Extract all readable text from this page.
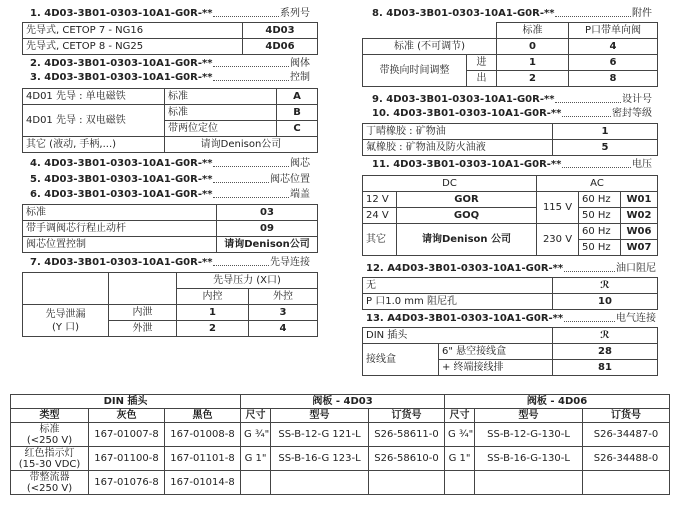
1. 4D03-3B01-0303-10A1-G0R-**	系列号
先导式, CETOP 7 - NG16	4D03
先导式, CETOP 8 - NG25	4D06
2. 4D03-3B01-0303-10A1-G0R-**	阀体
3. 4D03-3B01-0303-10A1-G0R-**	控制
4D01 先导 : 单电磁铁	标准	A
4D01 先导 : 双电磁铁	标准	B
	带两位定位	C
其它 (液动, 手柄,...)	请询Denison公司	
4. 4D03-3B01-0303-10A1-G0R-**	阀芯
5. 4D03-3B01-0303-10A1-G0R-**	阀芯位置
6. 4D03-3B01-0303-10A1-G0R-**	端盖
标准	03
带手调阀芯行程止动杆	09
阀芯位置控制	请询Denison公司
7. 4D03-3B01-0303-10A1-G0R-**	先导连接
		先导压力 (X口)	
		内控	外控
先导泄漏
(Y 口)	内泄	1	3
	外泄	2	4
8. 4D03-3B01-0303-10A1-G0R-**	附件
		标准	P口带单向阀
标准 (不可调节)		0	4
带换向时间调整	进	1	6
	出	2	8
9. 4D03-3B01-0303-10A1-G0R-**	设计号
10. 4D03-3B01-0303-10A1-G0R-**	密封等级
丁晴橡胶 : 矿物油	1
氟橡胶 : 矿物油及防火油液	5
11. 4D03-3B01-0303-10A1-G0R-**	电压
DC		AC		
12 V	GOR	115 V	60 Hz	W01
24 V	GOQ		50 Hz	W02
其它	请询Denison 公司	230 V	60 Hz	W06
			50 Hz	W07
12. A4D03-3B01-0303-10A1-G0R-**	油口阻尼
无	ℛ
P 口1.0 mm 阻尼孔	10
13. A4D03-3B01-0303-10A1-G0R-**	电气连接
DIN 插头		ℛ
接线盒	6" 悬空接线盒	28
	+ 终端接线排	81
DIN 插头			阀板 - 4D03			阀板 - 4D06		
类型	灰色	黑色	尺寸	型号	订货号	尺寸	型号	订货号
标准
(<250 V)	167-01007-8	167-01008-8	G ¾"	SS-B-12-G 121-L	S26-58611-0	G ¾"	SS-B-12-G-130-L	S26-34487-0
红色指示灯
(15-30 VDC)	167-01100-8	167-01101-8	G 1"	SS-B-16-G 123-L	S26-58610-0	G 1"	SS-B-16-G-130-L	S26-34488-0
带整流器
(<250 V)	167-01076-8	167-01014-8						
